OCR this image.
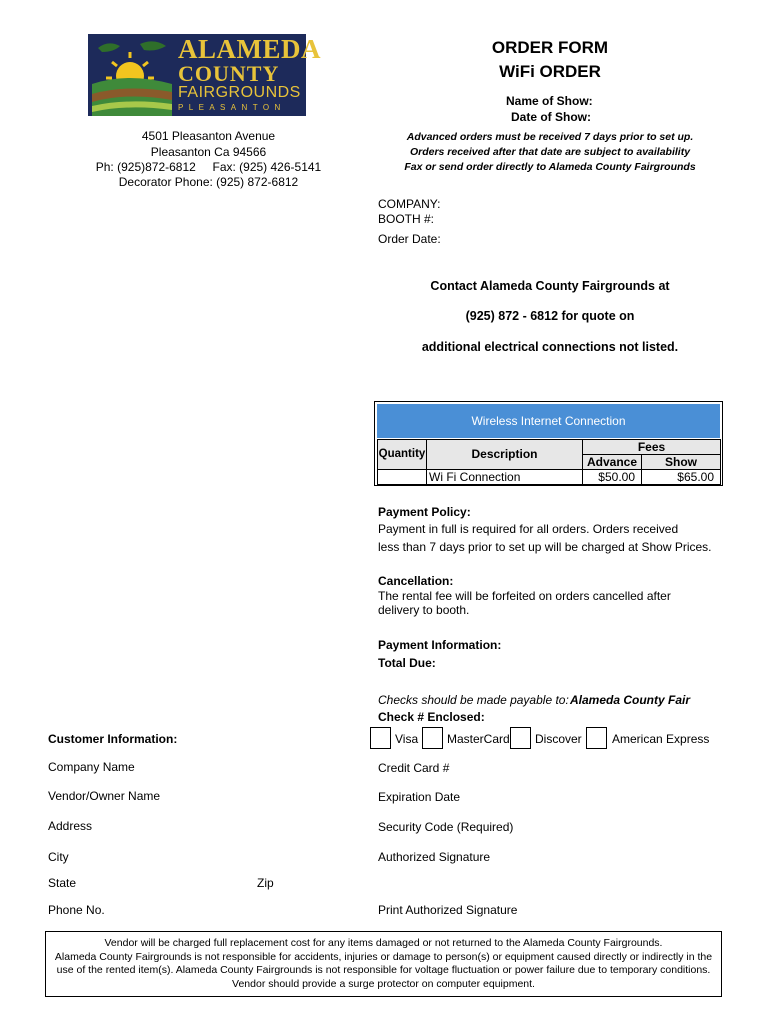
ALAMEDA
COUNTY
FAIRGROUNDS
PLEASANTON
ORDER FORM
WiFi ORDER
Name of Show:
Date of Show:
4501 Pleasanton Avenue
Pleasanton Ca 94566
Ph: (925)872-6812     Fax: (925) 426-5141
Decorator Phone: (925) 872-6812
Advanced orders must be received 7 days prior to set up.
Orders received after that date are subject to availability
Fax or send order directly to Alameda County Fairgrounds
COMPANY:
BOOTH #:
Order Date:
Contact Alameda County Fairgrounds at
(925) 872 - 6812 for quote on
additional electrical connections not listed.
Wireless Internet Connection
Quantity	Description	Fees
Advance	Show
Wi Fi Connection	$50.00	$65.00
Payment Policy:
Payment in full is required for all orders. Orders received
less than 7 days prior to set up will be charged at Show Prices.
Cancellation:
The rental fee will be forfeited on orders cancelled after
delivery to booth.
Payment Information:
Total Due:
Checks should be made payable to: Alameda County Fair
Check # Enclosed:
Visa MasterCard Discover	American Express
Customer Information:
Company Name
Vendor/Owner Name
Address
City
State	Zip
Phone No.
Credit Card #
Expiration Date
Security Code (Required)
Authorized Signature
Print Authorized Signature
Vendor will be charged full replacement cost for any items damaged or not returned to the Alameda County Fairgrounds.
Alameda County Fairgrounds is not responsible for accidents, injuries or damage to person(s) or equipment caused directly or indirectly in the
use of the rented item(s). Alameda County Fairgrounds is not responsible for voltage fluctuation or power failure due to temporary conditions.
Vendor should provide a surge protector on computer equipment.
